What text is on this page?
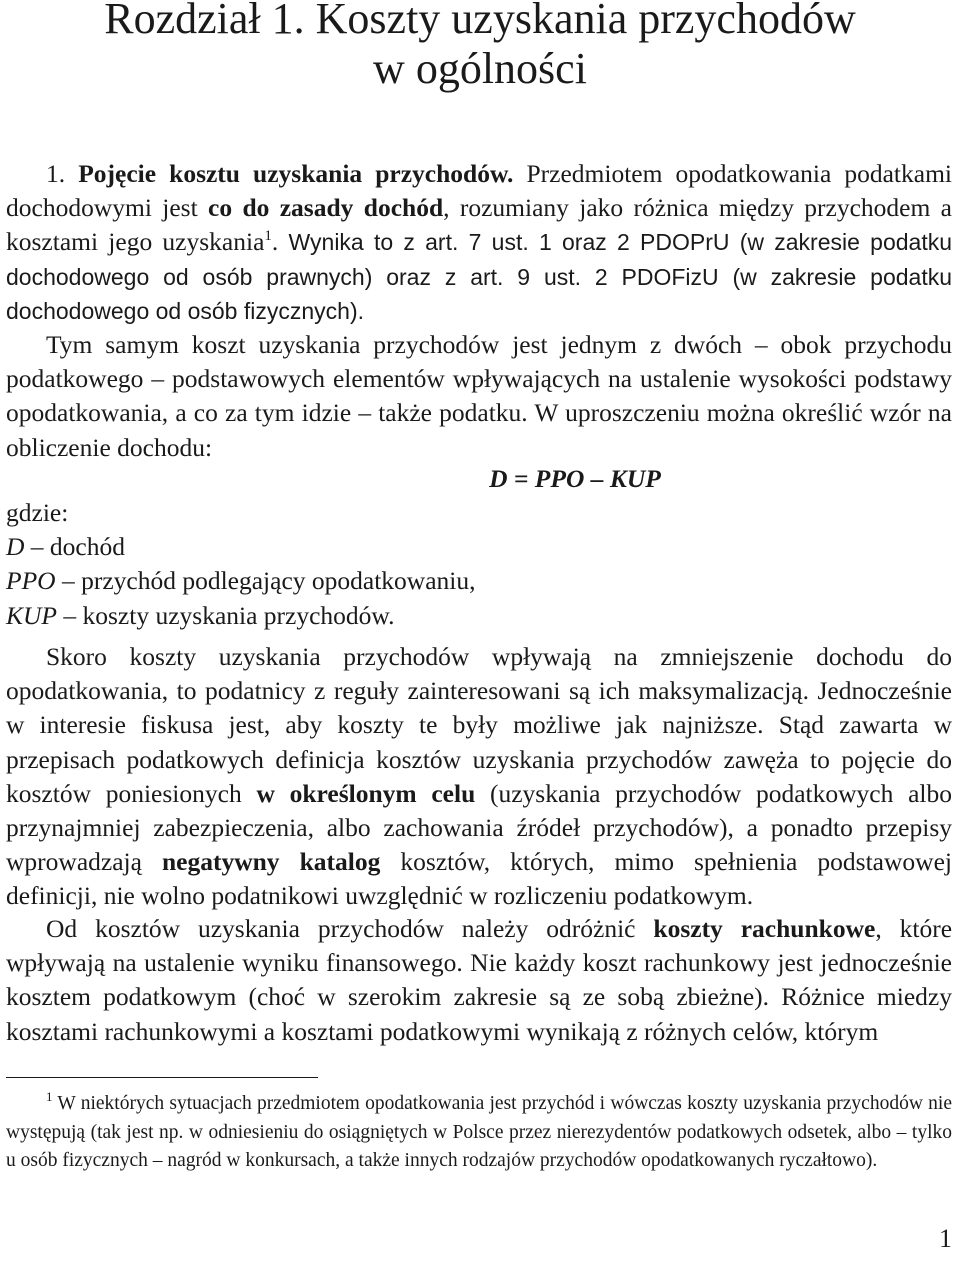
Rozdział 1. Koszty uzyskania przychodów
w ogólności

1. Pojęcie kosztu uzyskania przychodów. Przedmiotem opodatkowania podatkami dochodowymi jest co do zasady dochód, rozumiany jako różnica między przychodem a kosztami jego uzyskania$^1$. Wynika to z art. 7 ust. 1 oraz 2 PDOPrU (w zakresie podatku dochodowego od osób prawnych) oraz z art. 9 ust. 2 PDOFizU (w zakresie podatku dochodowego od osób fizycznych).

Tym samym koszt uzyskania przychodów jest jednym z dwóch – obok przychodu podatkowego – podstawowych elementów wpływających na ustalenie wysokości podstawy opodatkowania, a co za tym idzie – także podatku. W uproszczeniu można określić wzór na obliczenie dochodu:

D = PPO – KUP
gdzie:
D – dochód
PPO – przychód podlegający opodatkowaniu,
KUP – koszty uzyskania przychodów.

Skoro koszty uzyskania przychodów wpływają na zmniejszenie dochodu do opodatkowania, to podatnicy z reguły zainteresowani są ich maksymalizacją. Jednocześnie w interesie fiskusa jest, aby koszty te były możliwe jak najniższe. Stąd zawarta w przepisach podatkowych definicja kosztów uzyskania przychodów zawęża to pojęcie do kosztów poniesionych w określonym celu (uzyskania przychodów podatkowych albo przynajmniej zabezpieczenia, albo zachowania źródeł przychodów), a ponadto przepisy wprowadzają negatywny katalog kosztów, których, mimo spełnienia podstawowej definicji, nie wolno podatnikowi uwzględnić w rozliczeniu podatkowym.

Od kosztów uzyskania przychodów należy odróżnić koszty rachunkowe, które wpływają na ustalenie wyniku finansowego. Nie każdy koszt rachunkowy jest jednocześnie kosztem podatkowym (choć w szerokim zakresie są ze sobą zbieżne). Różnice miedzy kosztami rachunkowymi a kosztami podatkowymi wynikają z różnych celów, którym

$^1$ W niektórych sytuacjach przedmiotem opodatkowania jest przychód i wówczas koszty uzyskania przychodów nie występują (tak jest np. w odniesieniu do osiągniętych w Polsce przez nierezydentów podatkowych odsetek, albo – tylko u osób fizycznych – nagród w konkursach, a także innych rodzajów przychodów opodatkowanych ryczałtowo).

1
